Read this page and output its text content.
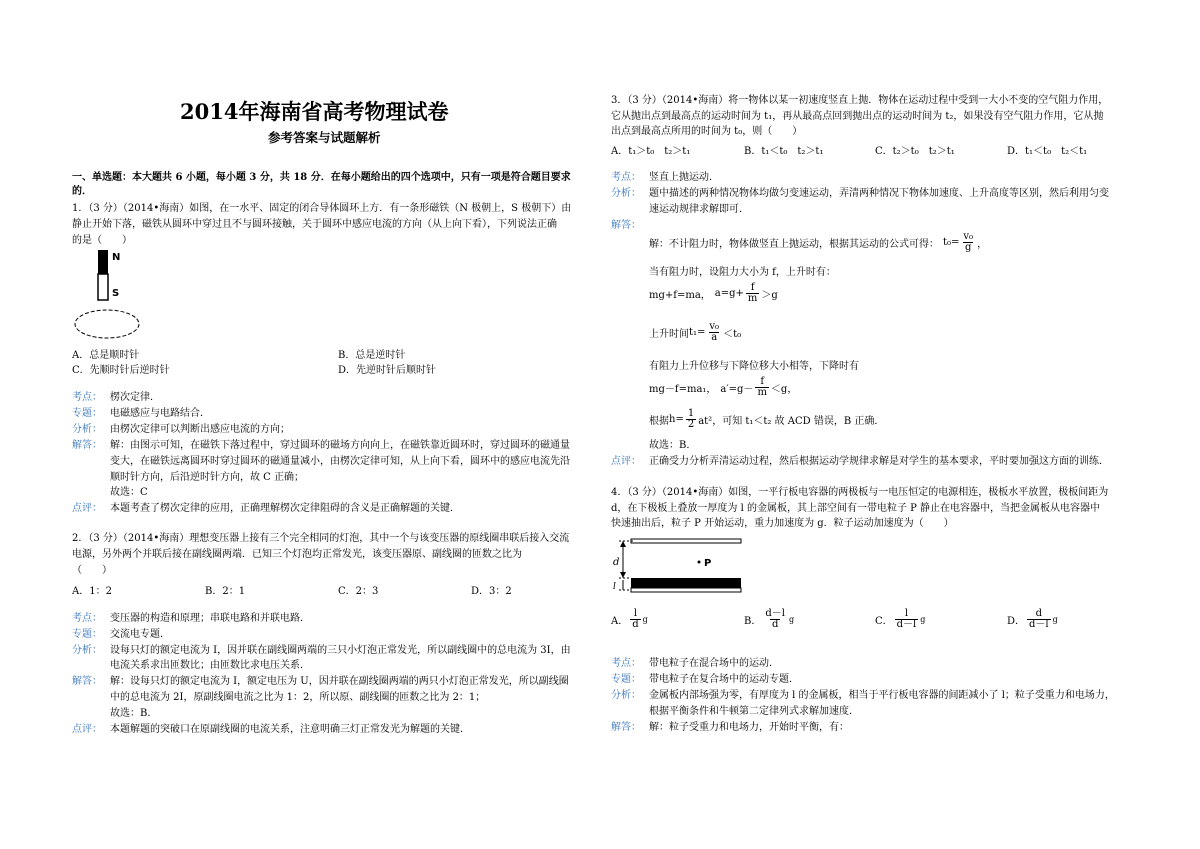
2014年海南省高考物理试卷
参考答案与试题解析
一、单选题：本大题共 6 小题，每小题 3 分，共 18 分．在每小题给出的四个选项中，只有一项是符合题目要求
的．
1．（3 分）（2014•海南）如图，在一水平、固定的闭合导体圆环上方．有一条形磁铁（N 极朝上，S 极朝下）由
静止开始下落，磁铁从圆环中穿过且不与圆环接触，关于圆环中感应电流的方向（从上向下看），下列说法正确
的是（　　）
N
S
A．总是顺时针	B．总是逆时针
C．先顺时针后逆时针	D．先逆时针后顺时针
考点： 楞次定律．
专题： 电磁感应与电路结合．
分析： 由楞次定律可以判断出感应电流的方向；
解答： 解：由图示可知，在磁铁下落过程中，穿过圆环的磁场方向向上，在磁铁靠近圆环时，穿过圆环的磁通量
变大，在磁铁远离圆环时穿过圆环的磁通量减小，由楞次定律可知，从上向下看，圆环中的感应电流先沿
顺时针方向，后沿逆时针方向，故 C 正确；
故选：C
点评： 本题考查了楞次定律的应用，正确理解楞次定律阻碍的含义是正确解题的关键．
2．（3 分）（2014•海南）理想变压器上接有三个完全相同的灯泡，其中一个与该变压器的原线圈串联后接入交流
电源，另外两个并联后接在副线圈两端．已知三个灯泡均正常发光，该变压器原、副线圈的匝数之比为
（　　）
A．1：2	B．2：1	C．2：3	D．3：2
考点： 变压器的构造和原理；串联电路和并联电路．
专题： 交流电专题．
分析： 设每只灯的额定电流为 I，因并联在副线圈两端的三只小灯泡正常发光，所以副线圈中的总电流为 3I，由
电流关系求出匝数比；由匝数比求电压关系．
解答： 解：设每只灯的额定电流为 I，额定电压为 U，因并联在副线圈两端的两只小灯泡正常发光，所以副线圈
中的总电流为 2I，原副线圈电流之比为 1：2，所以原、副线圈的匝数之比为 2：1；
故选：B．
点评： 本题解题的突破口在原副线圈的电流关系，注意明确三灯正常发光为解题的关键．
3．（3 分）（2014•海南）将一物体以某一初速度竖直上抛．物体在运动过程中受到一大小不变的空气阻力作用，
它从抛出点到最高点的运动时间为 t₁，再从最高点回到抛出点的运动时间为 t₂，如果没有空气阻力作用，它从抛
出点到最高点所用的时间为 t₀，则（　　）
A．t₁＞t₀　t₂＞t₁	B．t₁＜t₀　t₂＞t₁	C．t₂＞t₀　t₂＞t₁	D．t₁＜t₀　t₂＜t₁
考点： 竖直上抛运动．
分析： 题中描述的两种情况物体均做匀变速运动，弄清两种情况下物体加速度、上升高度等区别，然后利用匀变
速运动规律求解即可．
解答：
解：不计阻力时，物体做竖直上抛运动，根据其运动的公式可得： $t_0= \frac{\text{v₀}}{g}$ ，
当有阻力时，设阻力大小为 f，上升时有：
mg+f=ma， $a=g+ \frac{f}{m} >g$
上升时间 $t_1= \frac{\text{v₀}}{a} <t_0$
有阻力上升位移与下降位移大小相等，下降时有
mg－f=ma₁， $a'=g- \frac{f}{m} <g$，
根据 $h= \frac{1}{2} at^2$，可知 t₁＜t₂ 故 ACD 错误，B 正确．
故选：B．
点评： 正确受力分析弄清运动过程，然后根据运动学规律求解是对学生的基本要求，平时要加强这方面的训练．
4．（3 分）（2014•海南）如图，一平行板电容器的两极板与一电压恒定的电源相连，极板水平放置，极板间距为
d，在下极板上叠放一厚度为 l 的金属板，其上部空间有一带电粒子 P 静止在电容器中，当把金属板从电容器中
快速抽出后，粒子 P 开始运动，重力加速度为 g．粒子运动加速度为（　　）
P
d
l
A． $\frac{l}{d}$ g	B． $\frac{d-l}{d}$ g	C． $\frac{l}{d-l}$ g	D． $\frac{d}{d-l}$ g
考点： 带电粒子在混合场中的运动．
专题： 带电粒子在复合场中的运动专题．
分析： 金属板内部场强为零，有厚度为 l 的金属板，相当于平行板电容器的间距减小了 l；粒子受重力和电场力，
根据平衡条件和牛顿第二定律列式求解加速度．
解答： 解：粒子受重力和电场力，开始时平衡，有：
